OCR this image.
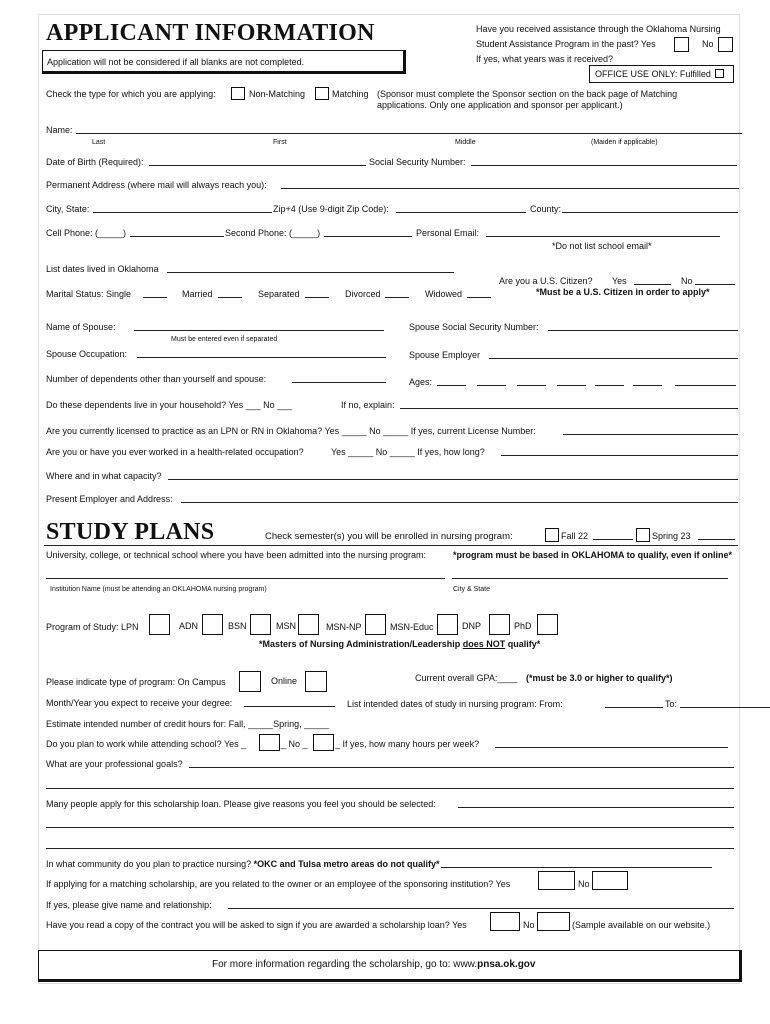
APPLICANT INFORMATION
Application will not be considered if all blanks are not completed.
Have you received assistance through the Oklahoma Nursing
Student Assistance Program in the past? Yes	No
If yes, what years was it received?
OFFICE USE ONLY: Fulfilled
Check the type for which you are applying:	Non-Matching	Matching (Sponsor must complete the Sponsor section on the back page of Matching
applications. Only one application and sponsor per applicant.)
Name:
Last	First	Middle	(Maiden if applicable)
Date of Birth (Required):	Social Security Number:
Permanent Address (where mail will always reach you):
City, State:	Zip+4 (Use 9-digit Zip Code):	County:
Cell Phone: (_____)	Second Phone: (_____)	Personal Email:
*Do not list school email*
List dates lived in Oklahoma
Are you a U.S. Citizen? Yes	No
*Must be a U.S. Citizen in order to apply*
Marital Status: Single	Married	Separated	Divorced	Widowed
Name of Spouse:
Must be entered even if separated
Spouse Social Security Number:
Spouse Occupation:	Spouse Employer
Number of dependents other than yourself and spouse:	Ages:
Do these dependents live in your household? Yes ___ No ___	If no, explain:
Are you currently licensed to practice as an LPN or RN in Oklahoma? Yes _____ No _____ If yes, current License Number:
Are you or have you ever worked in a health-related occupation?	Yes _____ No _____ If yes, how long?
Where and in what capacity?
Present Employer and Address:
STUDY PLANS	Check semester(s) you will be enrolled in nursing program:	Fall 22	Spring 23
University, college, or technical school where you have been admitted into the nursing program:	*program must be based in OKLAHOMA to qualify, even if online*
Institution Name (must be attending an OKLAHOMA nursing program)	City & State
Program of Study: LPN	ADN	BSN	MSN	MSN-NP	MSN-Educ	DNP	PhD
*Masters of Nursing Administration/Leadership does NOT qualify*
Please indicate type of program: On Campus	Online	Current overall GPA:____ (*must be 3.0 or higher to qualify*)
Month/Year you expect to receive your degree:	List intended dates of study in nursing program: From:	To:
Estimate intended number of credit hours for: Fall, _____Spring, _____
Do you plan to work while attending school? Yes _	_ No _	_ If yes, how many hours per week?
What are your professional goals?
Many people apply for this scholarship loan. Please give reasons you feel you should be selected:
In what community do you plan to practice nursing? *OKC and Tulsa metro areas do not qualify*
If applying for a matching scholarship, are you related to the owner or an employee of the sponsoring institution? Yes	No
If yes, please give name and relationship:
Have you read a copy of the contract you will be asked to sign if you are awarded a scholarship loan? Yes	No	(Sample available on our website.)
For more information regarding the scholarship, go to: www.pnsa.ok.gov
